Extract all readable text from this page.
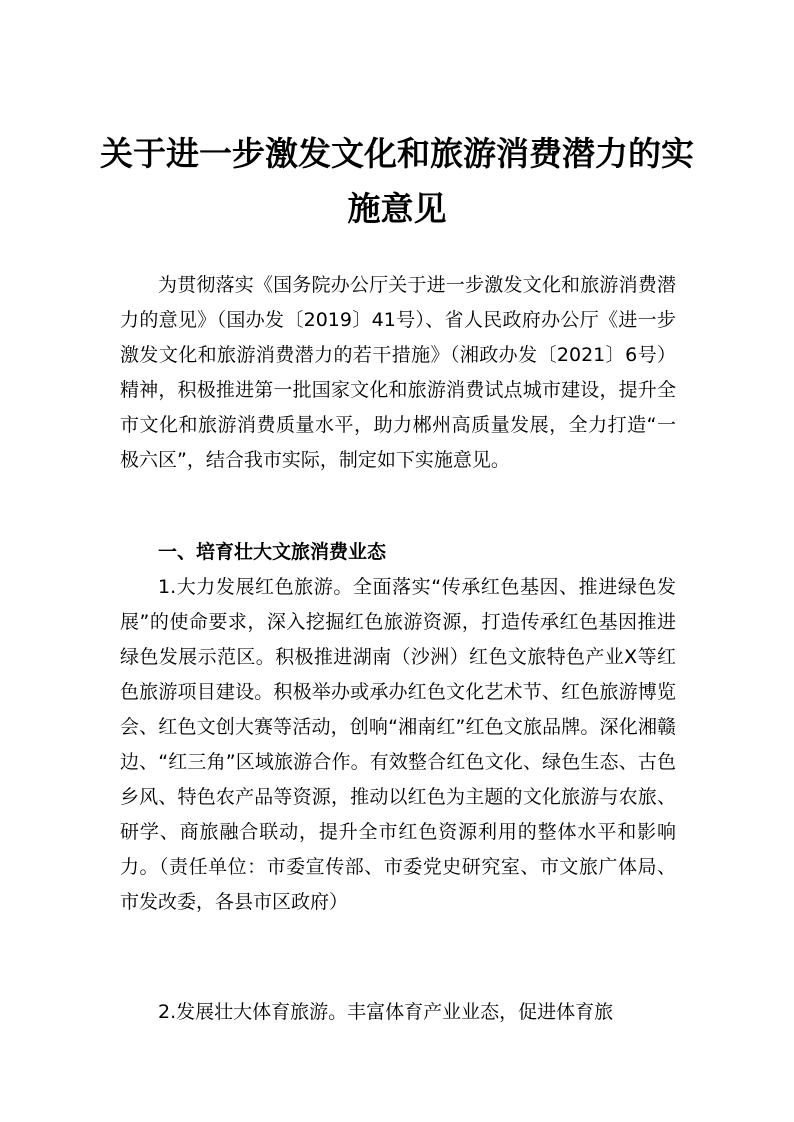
关于进一步激发文化和旅游消费潜力的实
施意见

为贯彻落实《国务院办公厅关于进一步激发文化和旅游消费潜力的意见》（国办发〔2019〕41号）、省人民政府办公厅《进一步激发文化和旅游消费潜力的若干措施》（湘政办发〔2021〕6号）精神，积极推进第一批国家文化和旅游消费试点城市建设，提升全市文化和旅游消费质量水平，助力郴州高质量发展，全力打造“一极六区”，结合我市实际，制定如下实施意见。

一、培育壮大文旅消费业态

1.大力发展红色旅游。全面落实“传承红色基因、推进绿色发展”的使命要求，深入挖掘红色旅游资源，打造传承红色基因推进绿色发展示范区。积极推进湖南（沙洲）红色文旅特色产业X等红色旅游项目建设。积极举办或承办红色文化艺术节、红色旅游博览会、红色文创大赛等活动，创响“湘南红”红色文旅品牌。深化湘赣边、“红三角”区域旅游合作。有效整合红色文化、绿色生态、古色乡风、特色农产品等资源，推动以红色为主题的文化旅游与农旅、研学、商旅融合联动，提升全市红色资源利用的整体水平和影响力。（责任单位：市委宣传部、市委党史研究室、市文旅广体局、市发改委，各县市区政府）

2.发展壮大体育旅游。丰富体育产业业态，促进体育旅
